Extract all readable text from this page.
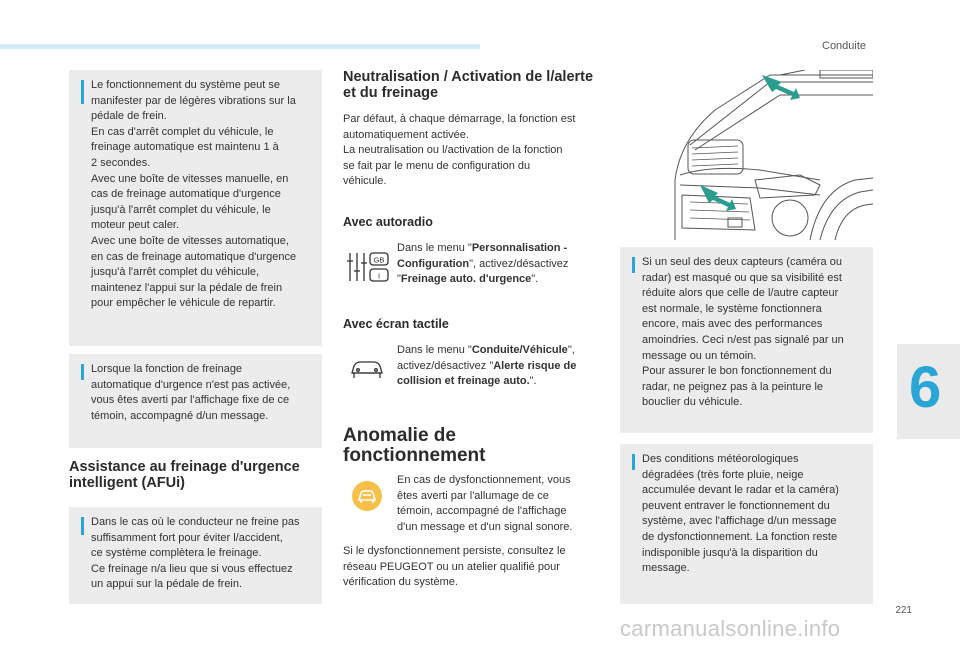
Conduite
221
6

Le fonctionnement du système peut se
manifester par de légères vibrations sur la
pédale de frein.
En cas d'arrêt complet du véhicule, le
freinage automatique est maintenu 1 à
2 secondes.
Avec une boîte de vitesses manuelle, en
cas de freinage automatique d'urgence
jusqu'à l'arrêt complet du véhicule, le
moteur peut caler.
Avec une boîte de vitesses automatique,
en cas de freinage automatique d'urgence
jusqu'à l'arrêt complet du véhicule,
maintenez l'appui sur la pédale de frein
pour empêcher le véhicule de repartir.

Lorsque la fonction de freinage
automatique d'urgence n'est pas activée,
vous êtes averti par l'affichage fixe de ce
témoin, accompagné d/un message.

Assistance au freinage d'urgence intelligent (AFUi)

Dans le cas où le conducteur ne freine pas
suffisamment fort pour éviter l/accident,
ce système complètera le freinage.
Ce freinage n/a lieu que si vous effectuez
un appui sur la pédale de frein.

Neutralisation / Activation de l/alerte et du freinage
Par défaut, à chaque démarrage, la fonction est
automatiquement activée.
La neutralisation ou l/activation de la fonction
se fait par le menu de configuration du
véhicule.
Avec autoradio
GB
I
Dans le menu "Personnalisation - Configuration", activez/désactivez
"Freinage auto. d'urgence".
Avec écran tactile
Dans le menu "Conduite/Véhicule",
activez/désactivez "Alerte risque de collision et freinage auto.".
Anomalie de fonctionnement
En cas de dysfonctionnement, vous
êtes averti par l'allumage de ce
témoin, accompagné de l'affichage
d'un message et d'un signal sonore.
Si le dysfonctionnement persiste, consultez le
réseau PEUGEOT ou un atelier qualifié pour
vérification du système.

Si un seul des deux capteurs (caméra ou
radar) est masqué ou que sa visibilité est
réduite alors que celle de l/autre capteur
est normale, le système fonctionnera
encore, mais avec des performances
amoindries. Ceci n/est pas signalé par un
message ou un témoin.
Pour assurer le bon fonctionnement du
radar, ne peignez pas à la peinture le
bouclier du véhicule.

Des conditions météorologiques
dégradées (très forte pluie, neige
accumulée devant le radar et la caméra)
peuvent entraver le fonctionnement du
système, avec l'affichage d/un message
de dysfonctionnement. La fonction reste
indisponible jusqu'à la disparition du
message.

carmanualsonline.info
